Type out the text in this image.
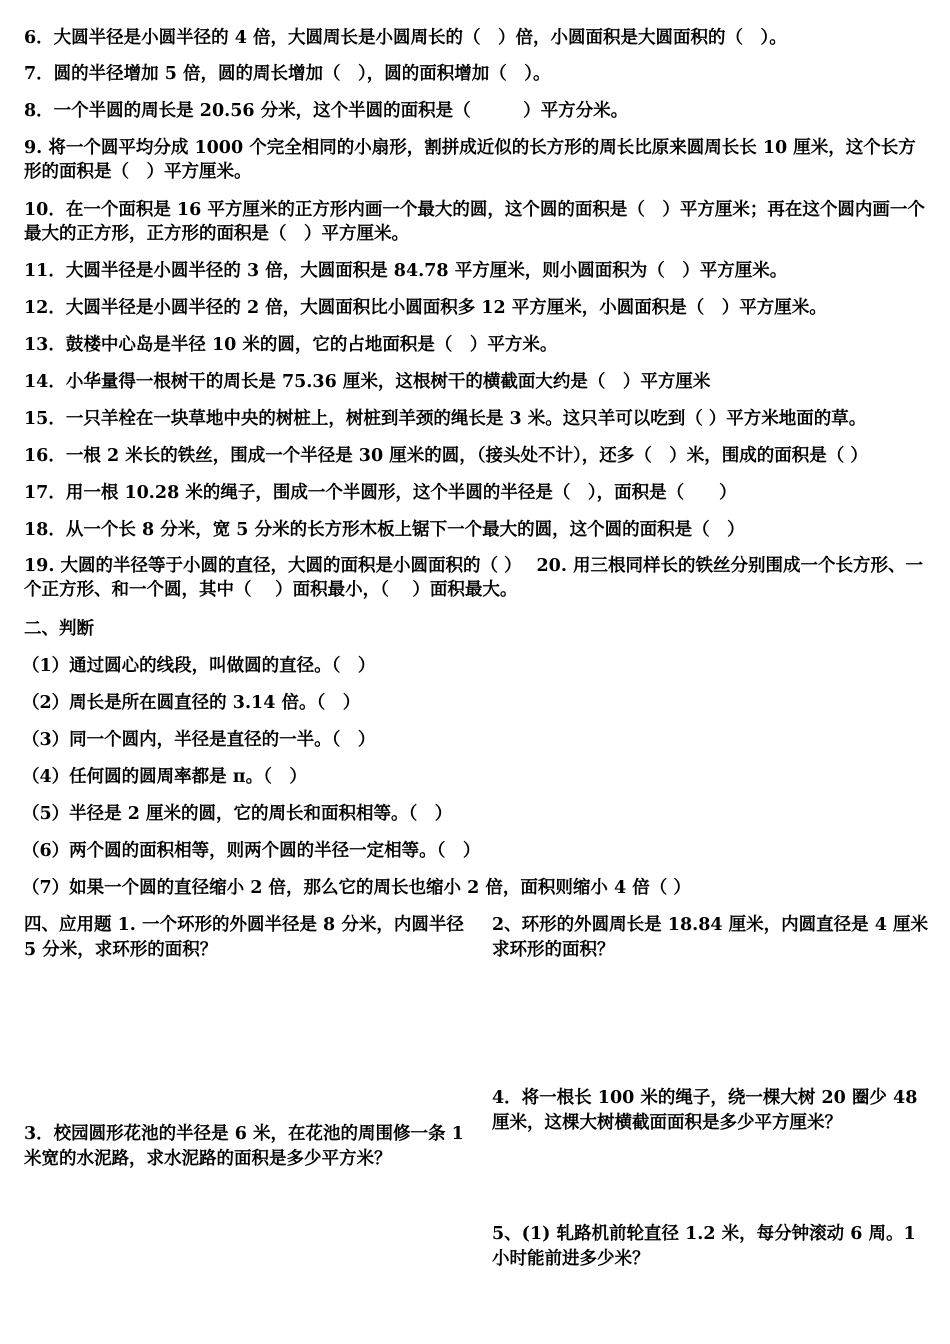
6．大圆半径是小圆半径的 4 倍，大圆周长是小圆周长的（　）倍，小圆面积是大圆面积的（　）。
7．圆的半径增加 5 倍，圆的周长增加（　），圆的面积增加（　）。
8．一个半圆的周长是 20.56 分米，这个半圆的面积是（　　　）平方分米。
9. 将一个圆平均分成 1000 个完全相同的小扇形，割拼成近似的长方形的周长比原来圆周长长 10 厘米，这个长方形的面积是（　）平方厘米。
10．在一个面积是 16 平方厘米的正方形内画一个最大的圆，这个圆的面积是（　）平方厘米；再在这个圆内画一个最大的正方形，正方形的面积是（　）平方厘米。
11．大圆半径是小圆半径的 3 倍，大圆面积是 84.78 平方厘米，则小圆面积为（　）平方厘米。
12．大圆半径是小圆半径的 2 倍，大圆面积比小圆面积多 12 平方厘米，小圆面积是（　）平方厘米。
13．鼓楼中心岛是半径 10 米的圆，它的占地面积是（　）平方米。
14．小华量得一根树干的周长是 75.36 厘米，这根树干的横截面大约是（　）平方厘米
15．一只羊栓在一块草地中央的树桩上，树桩到羊颈的绳长是 3 米。这只羊可以吃到（ ）平方米地面的草。
16．一根 2 米长的铁丝，围成一个半径是 30 厘米的圆，（接头处不计），还多（　）米，围成的面积是（ ）
17．用一根 10.28 米的绳子，围成一个半圆形，这个半圆的半径是（　），面积是（　　）
18．从一个长 8 分米，宽 5 分米的长方形木板上锯下一个最大的圆，这个圆的面积是（　）
19. 大圆的半径等于小圆的直径，大圆的面积是小圆面积的（ ）　 20. 用三根同样长的铁丝分别围成一个长方形、一个正方形、和一个圆，其中（　 ）面积最小，（　 ）面积最大。
二、判断
（1）通过圆心的线段，叫做圆的直径。（　）
（2）周长是所在圆直径的 3.14 倍。（　）
（3）同一个圆内，半径是直径的一半。（　）
（4）任何圆的圆周率都是 π。（　）
（5）半径是 2 厘米的圆，它的周长和面积相等。（　）
（6）两个圆的面积相等，则两个圆的半径一定相等。（　）
（7）如果一个圆的直径缩小 2 倍，那么它的周长也缩小 2 倍，面积则缩小 4 倍（ ）
四、应用题 1. 一个环形的外圆半径是 8 分米，内圆半径 5 分米，求环形的面积？
2、环形的外圆周长是 18.84 厘米，内圆直径是 4 厘米求环形的面积？
3．校园圆形花池的半径是 6 米，在花池的周围修一条 1 米宽的水泥路，求水泥路的面积是多少平方米？
4．将一根长 100 米的绳子，绕一棵大树 20 圈少 48 厘米，这棵大树横截面面积是多少平方厘米？
5、(1) 轧路机前轮直径 1.2 米，每分钟滚动 6 周。1 小时能前进多少米？
